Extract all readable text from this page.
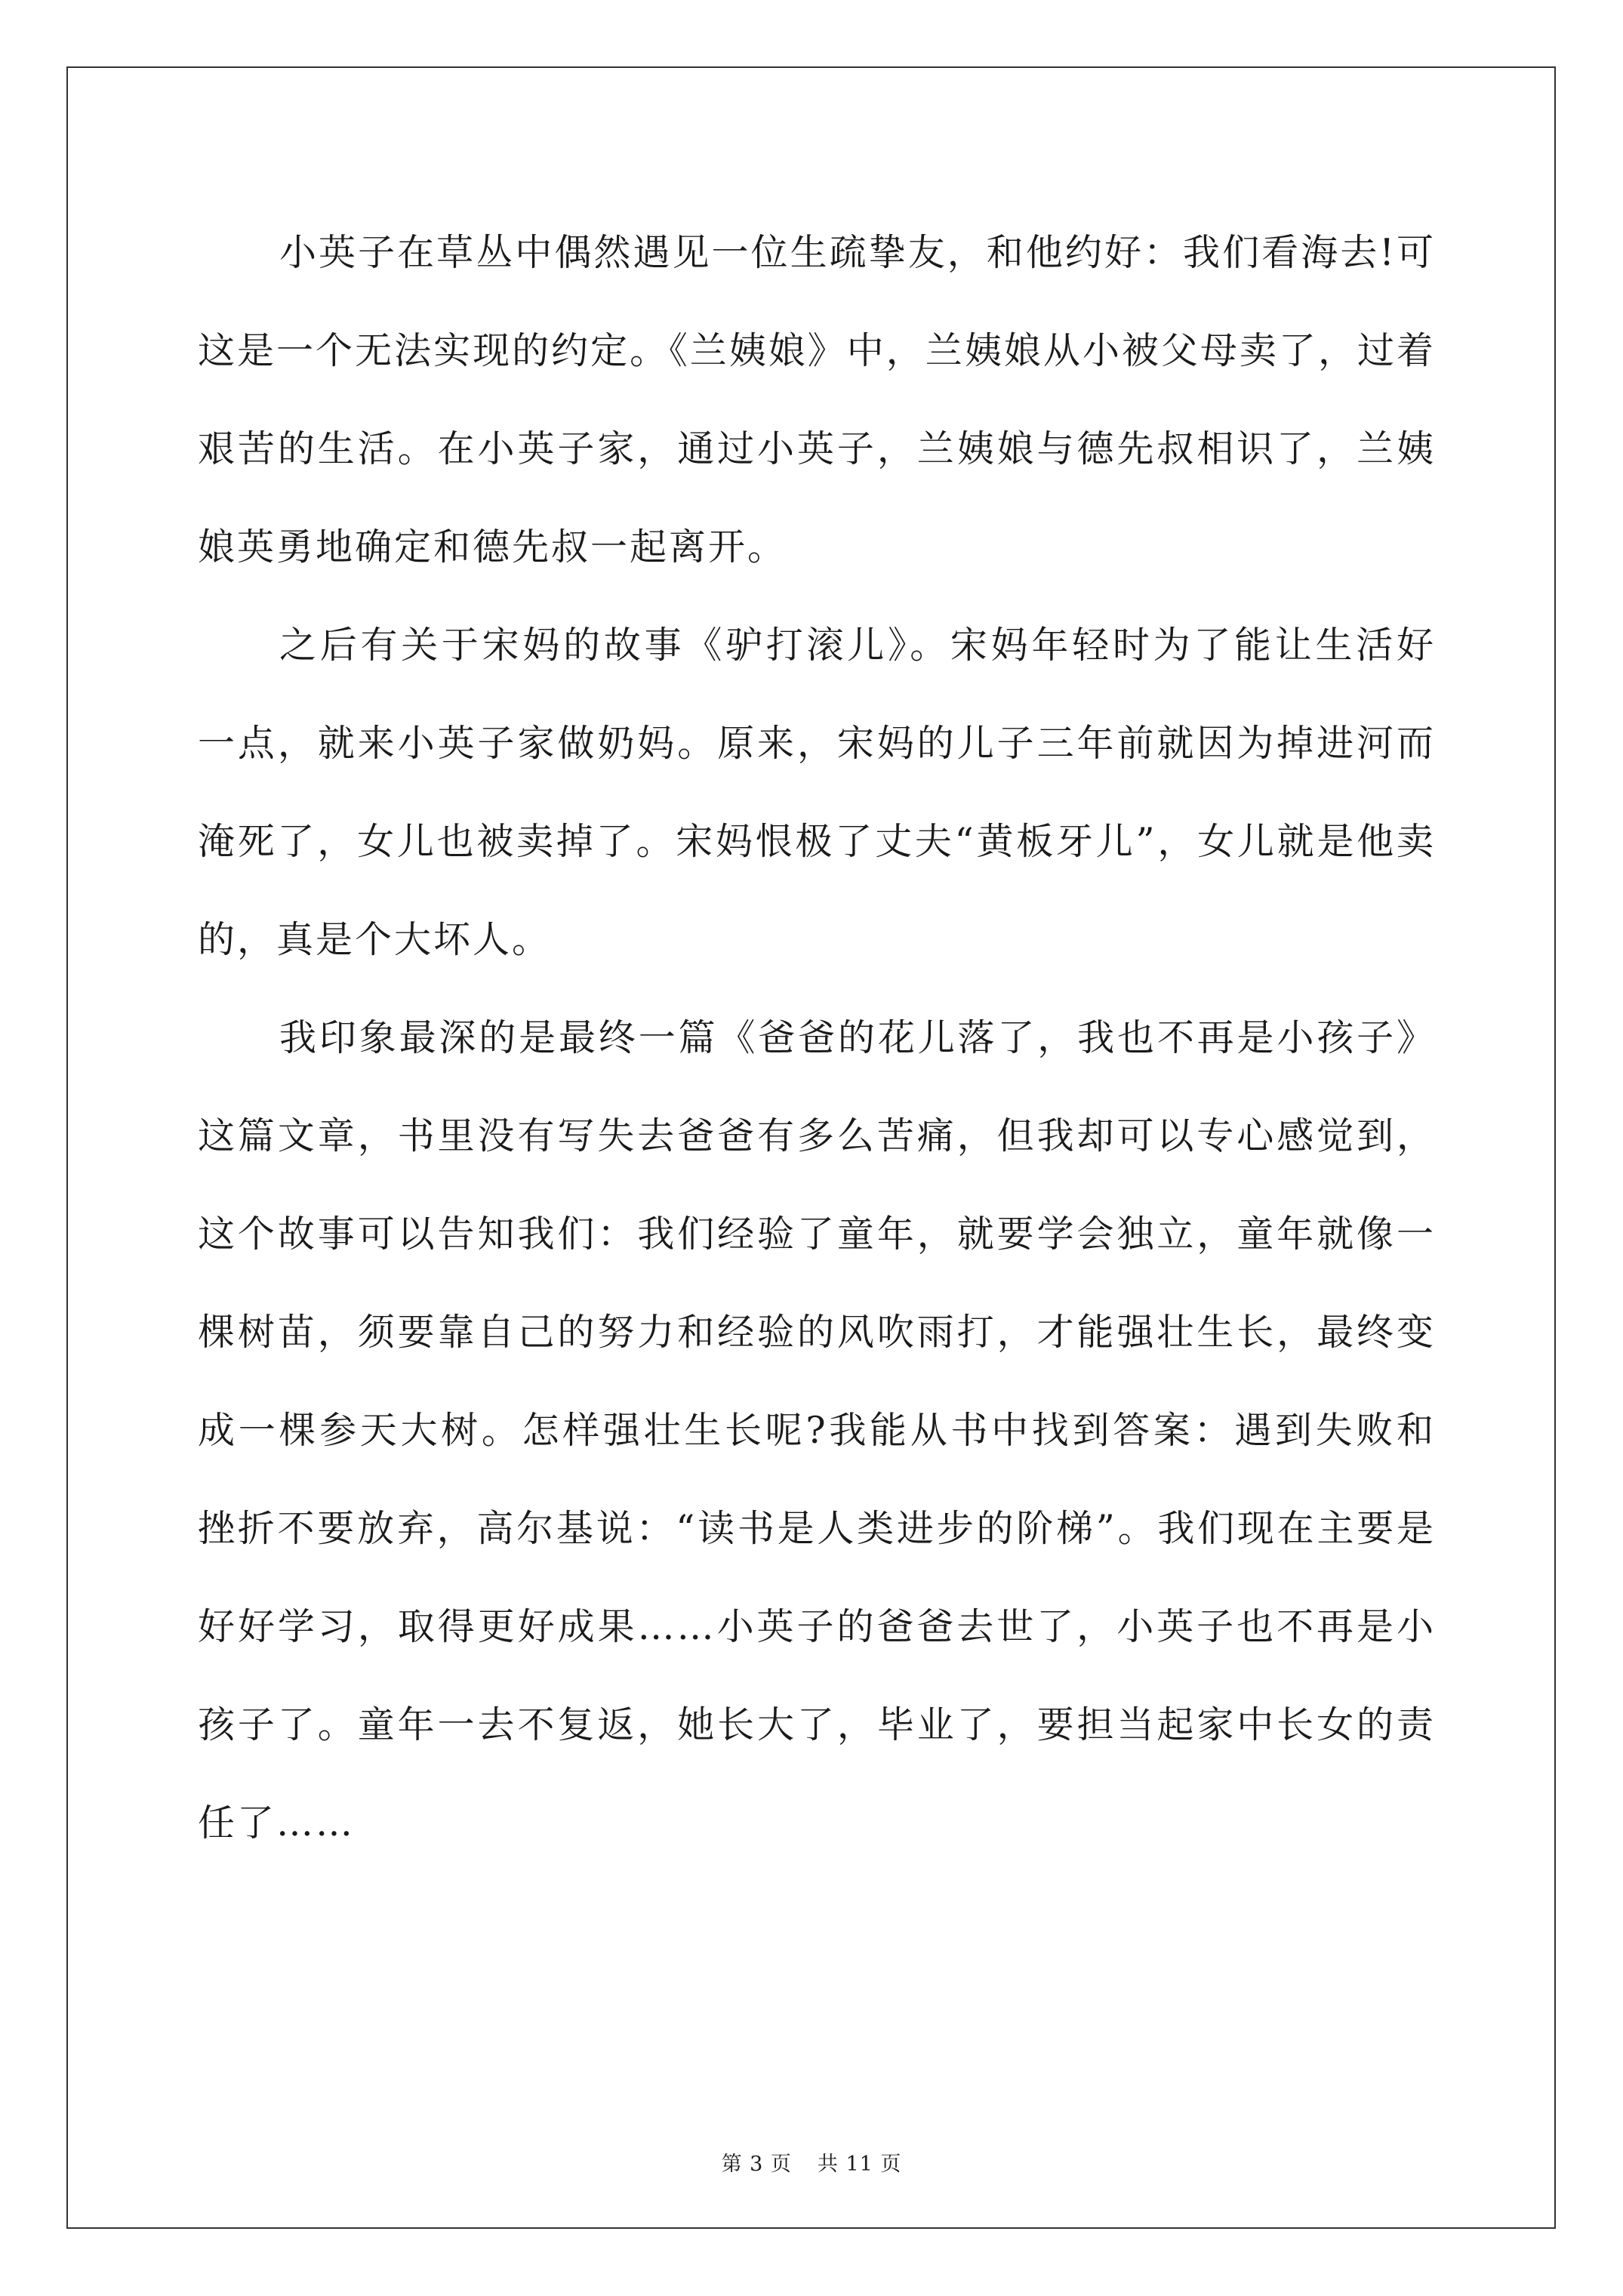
小英子在草丛中偶然遇见一位生疏挚友，和他约好：我们看海去!可这是一个无法实现的约定。《兰姨娘》中，兰姨娘从小被父母卖了，过着艰苦的生活。在小英子家，通过小英子，兰姨娘与德先叔相识了，兰姨娘英勇地确定和德先叔一起离开。

之后有关于宋妈的故事《驴打滚儿》。宋妈年轻时为了能让生活好一点，就来小英子家做奶妈。原来，宋妈的儿子三年前就因为掉进河而淹死了，女儿也被卖掉了。宋妈恨极了丈夫“黄板牙儿”，女儿就是他卖的，真是个大坏人。

我印象最深的是最终一篇《爸爸的花儿落了，我也不再是小孩子》这篇文章，书里没有写失去爸爸有多么苦痛，但我却可以专心感觉到，这个故事可以告知我们：我们经验了童年，就要学会独立，童年就像一棵树苗，须要靠自己的努力和经验的风吹雨打，才能强壮生长，最终变成一棵参天大树。怎样强壮生长呢?我能从书中找到答案：遇到失败和挫折不要放弃，高尔基说：“读书是人类进步的阶梯”。我们现在主要是好好学习，取得更好成果……小英子的爸爸去世了，小英子也不再是小孩子了。童年一去不复返，她长大了，毕业了，要担当起家中长女的责任了……

第 3 页 共 11 页
